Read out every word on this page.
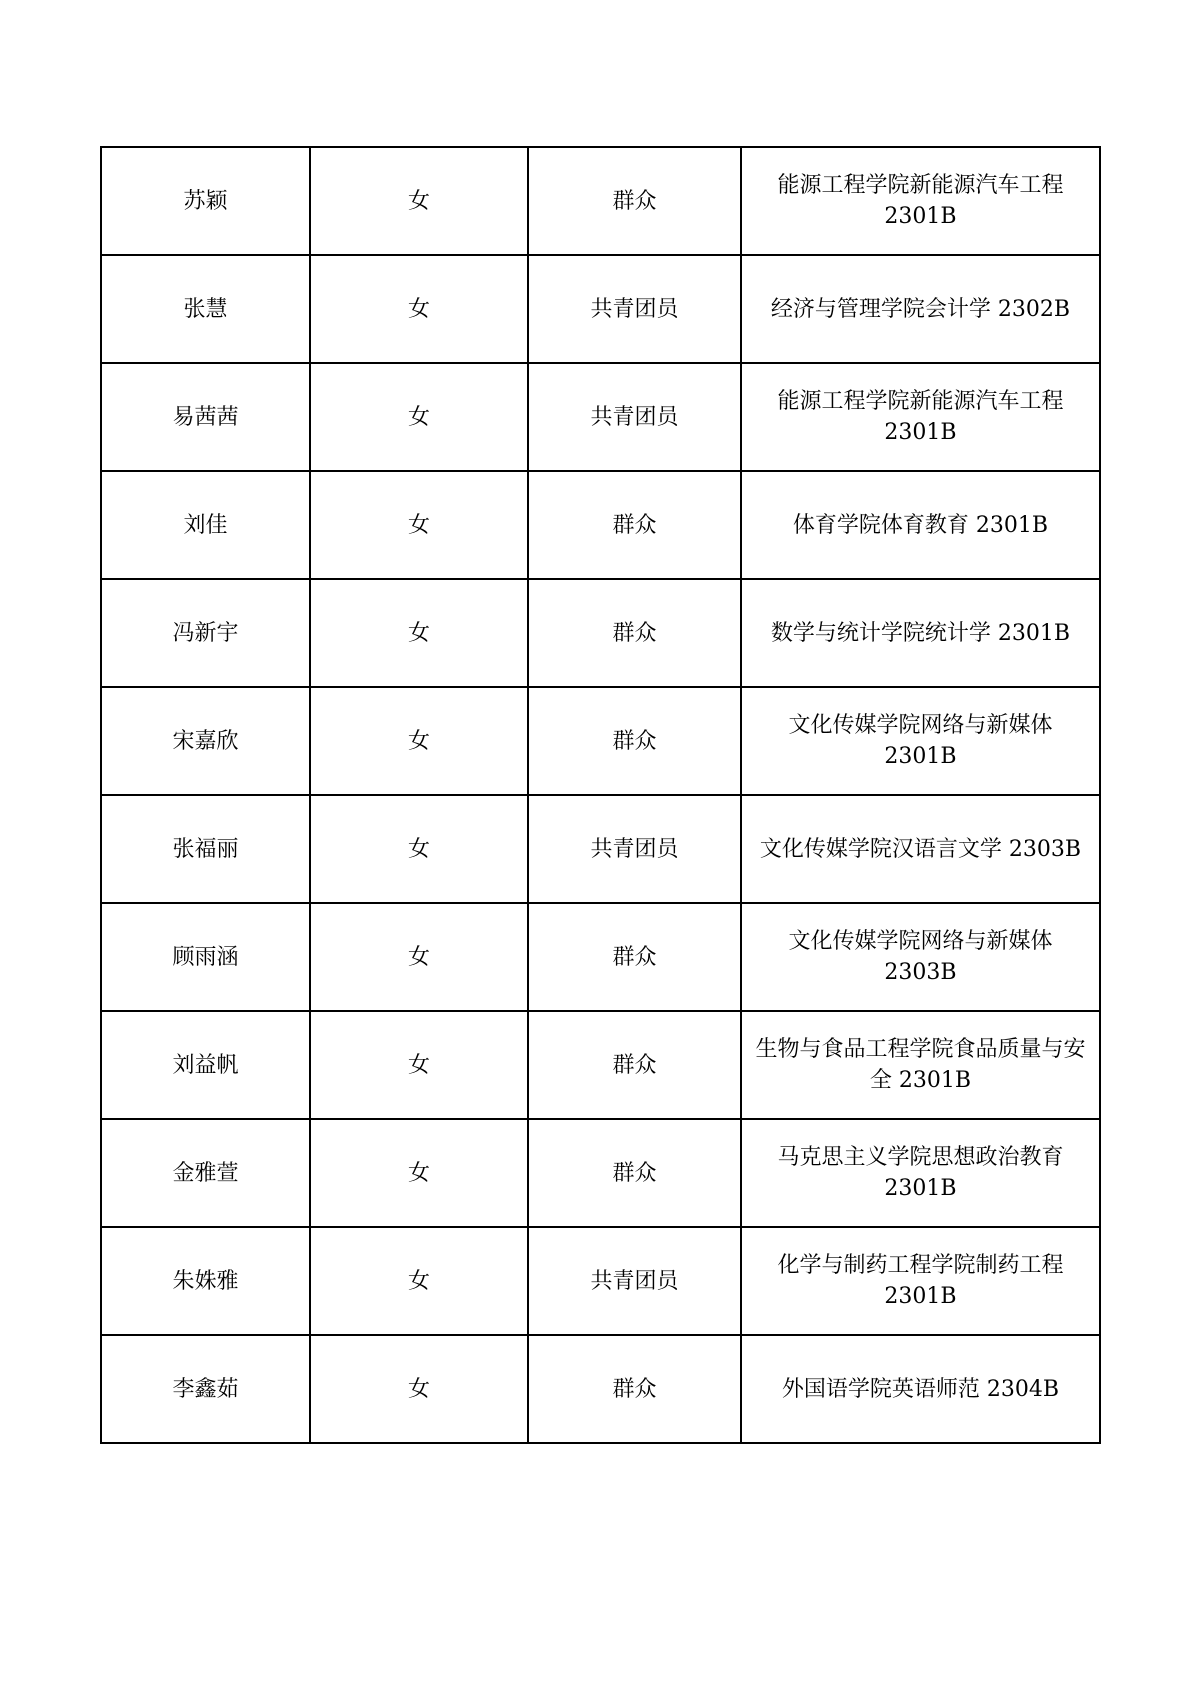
苏颖	女	群众	能源工程学院新能源汽车工程 2301B
张慧	女	共青团员	经济与管理学院会计学 2302B
易茜茜	女	共青团员	能源工程学院新能源汽车工程 2301B
刘佳	女	群众	体育学院体育教育 2301B
冯新宇	女	群众	数学与统计学院统计学 2301B
宋嘉欣	女	群众	文化传媒学院网络与新媒体 2301B
张福丽	女	共青团员	文化传媒学院汉语言文学 2303B
顾雨涵	女	群众	文化传媒学院网络与新媒体 2303B
刘益帆	女	群众	生物与食品工程学院食品质量与安全 2301B
金雅萱	女	群众	马克思主义学院思想政治教育 2301B
朱姝雅	女	共青团员	化学与制药工程学院制药工程 2301B
李鑫茹	女	群众	外国语学院英语师范 2304B
